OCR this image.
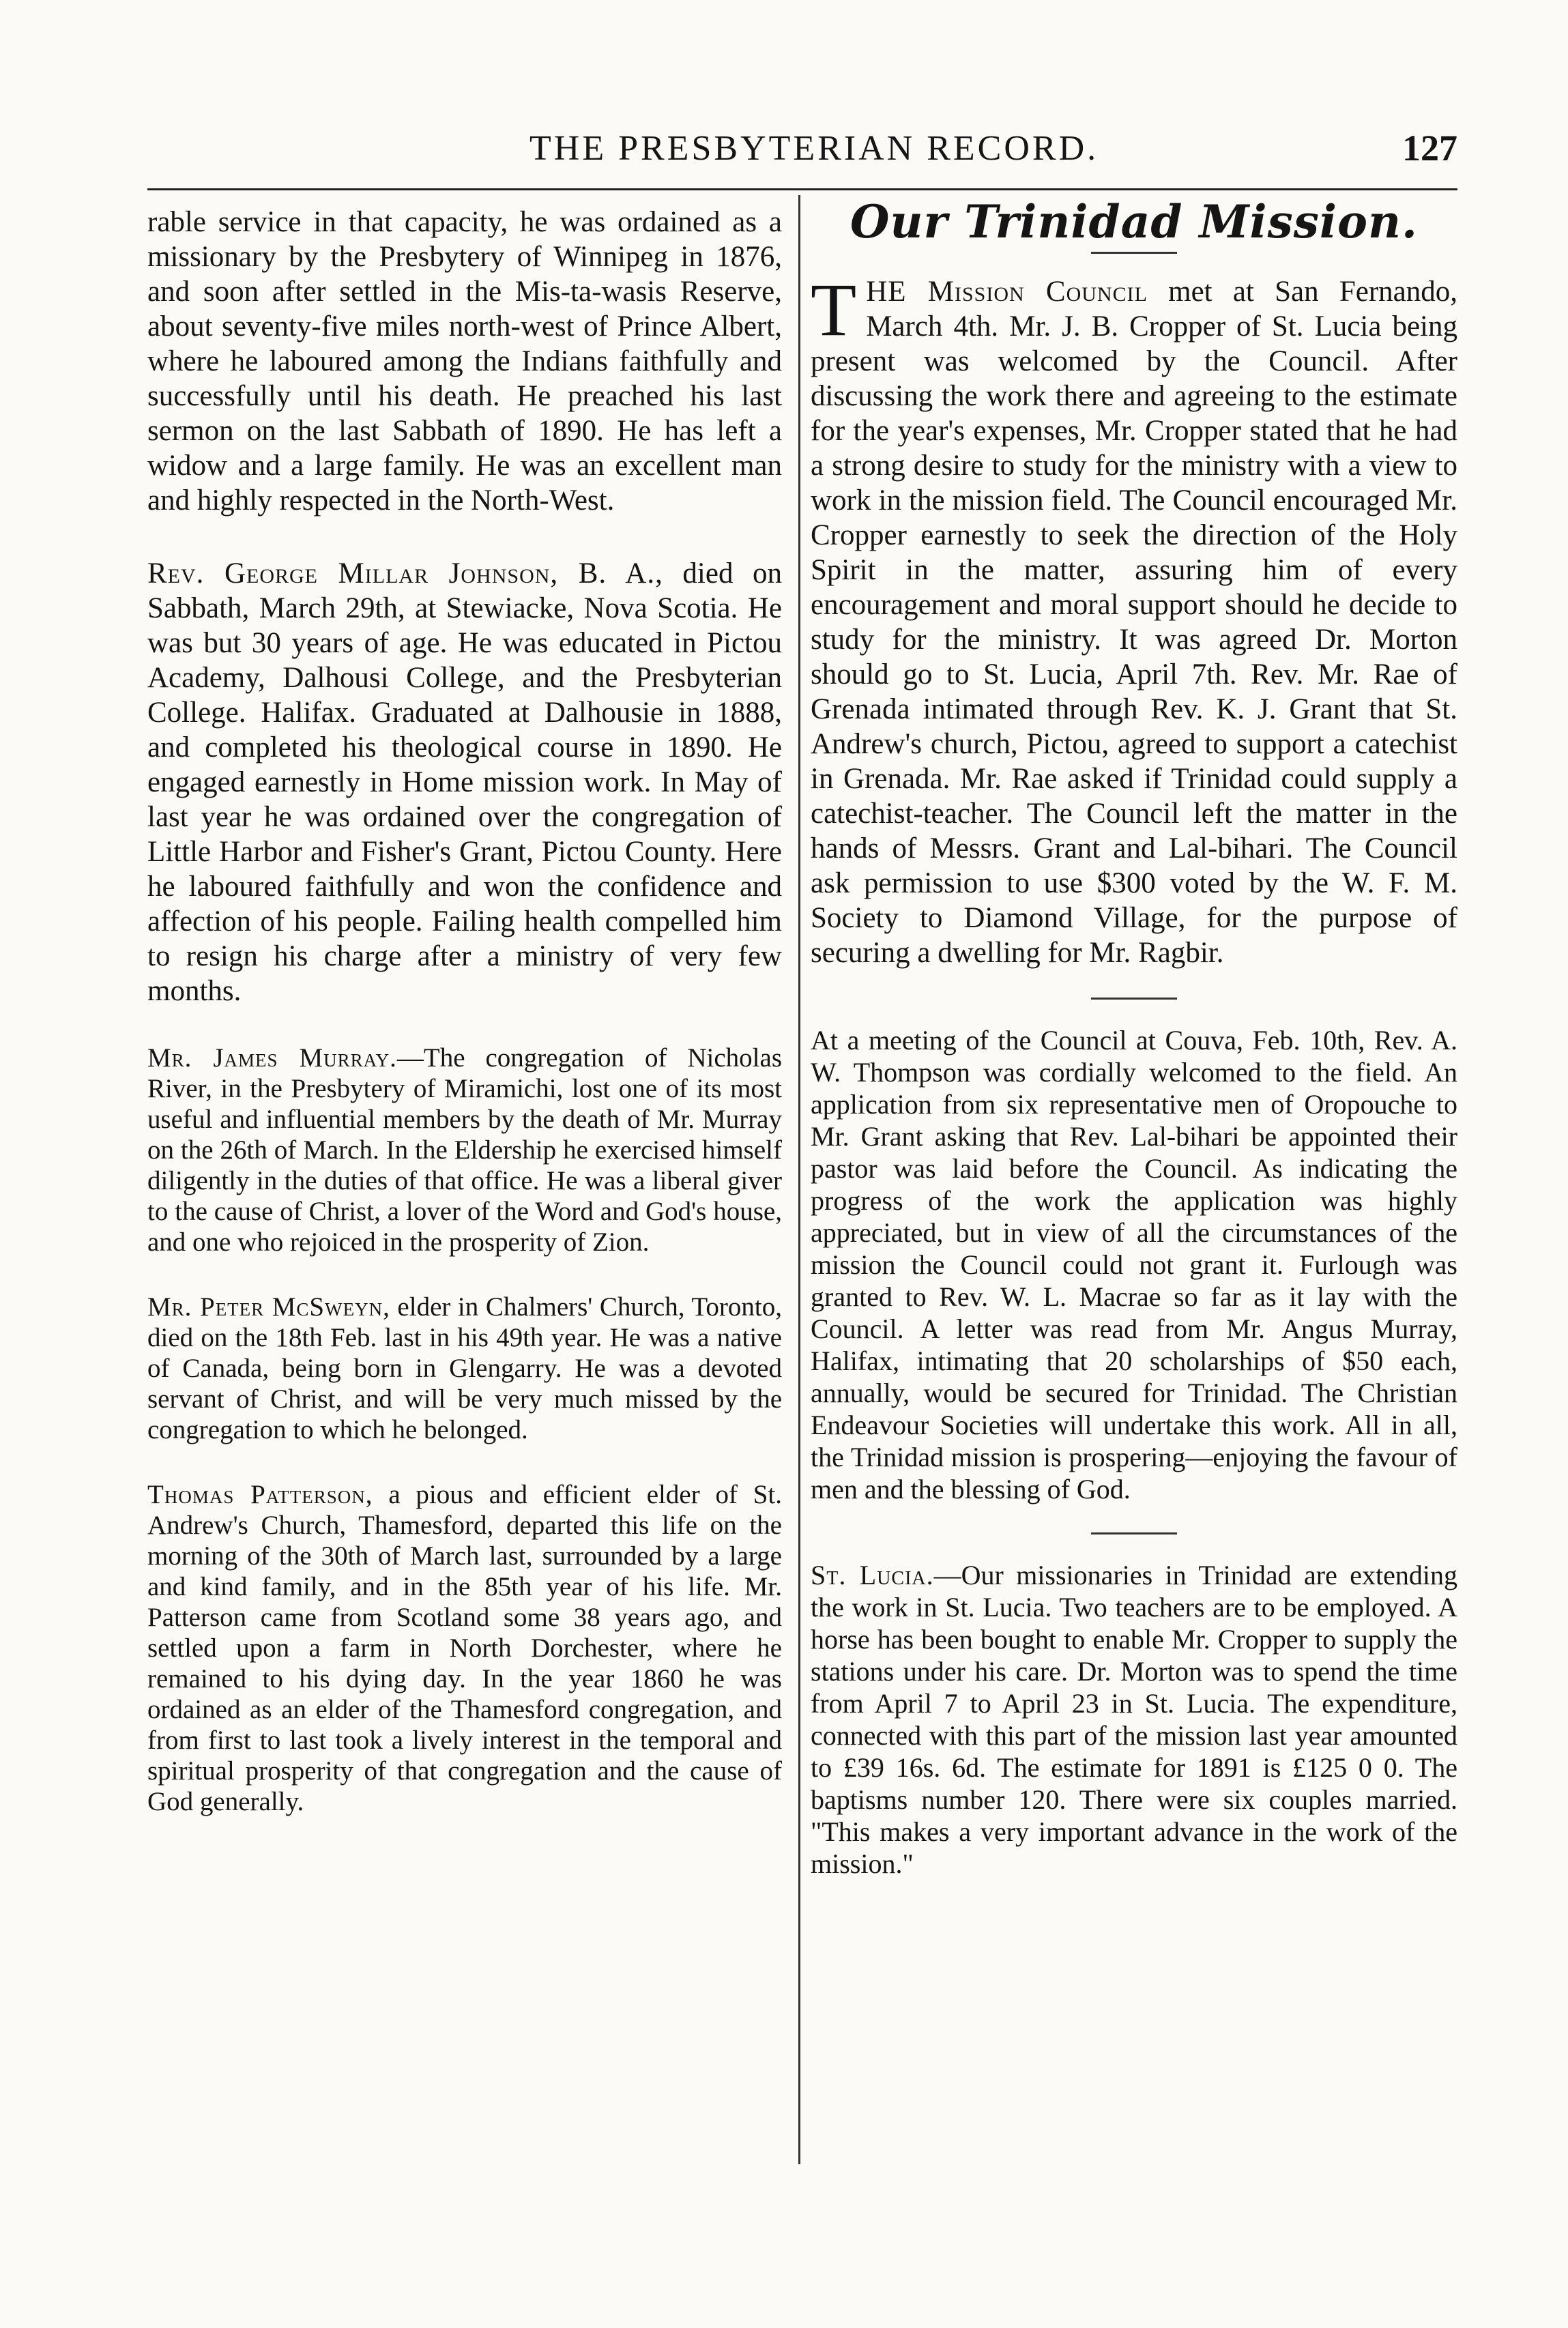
THE PRESBYTERIAN RECORD.	127

rable service in that capacity, he was ordained as a missionary by the Presbytery of Winnipeg in 1876, and soon after settled in the Mis-ta-wasis Reserve, about seventy-five miles north-west of Prince Albert, where he laboured among the Indians faithfully and successfully until his death. He preached his last sermon on the last Sabbath of 1890. He has left a widow and a large family. He was an excellent man and highly respected in the North-West.

Rev. George Millar Johnson, B. A., died on Sabbath, March 29th, at Stewiacke, Nova Scotia. He was but 30 years of age. He was educated in Pictou Academy, Dalhousi College, and the Presbyterian College. Halifax. Graduated at Dalhousie in 1888, and completed his theological course in 1890. He engaged earnestly in Home mission work. In May of last year he was ordained over the congregation of Little Harbor and Fisher's Grant, Pictou County. Here he laboured faithfully and won the confidence and affection of his people. Failing health compelled him to resign his charge after a ministry of very few months.

Mr. James Murray.—The congregation of Nicholas River, in the Presbytery of Miramichi, lost one of its most useful and influential members by the death of Mr. Murray on the 26th of March. In the Eldership he exercised himself diligently in the duties of that office. He was a liberal giver to the cause of Christ, a lover of the Word and God's house, and one who rejoiced in the prosperity of Zion.

Mr. Peter McSweyn, elder in Chalmers' Church, Toronto, died on the 18th Feb. last in his 49th year. He was a native of Canada, being born in Glengarry. He was a devoted servant of Christ, and will be very much missed by the congregation to which he belonged.

Thomas Patterson, a pious and efficient elder of St. Andrew's Church, Thamesford, departed this life on the morning of the 30th of March last, surrounded by a large and kind family, and in the 85th year of his life. Mr. Patterson came from Scotland some 38 years ago, and settled upon a farm in North Dorchester, where he remained to his dying day. In the year 1860 he was ordained as an elder of the Thamesford congregation, and from first to last took a lively interest in the temporal and spiritual prosperity of that congregation and the cause of God generally.

Our Trinidad Mission.

THE Mission Council met at San Fernando, March 4th. Mr. J. B. Cropper of St. Lucia being present was welcomed by the Council. After discussing the work there and agreeing to the estimate for the year's expenses, Mr. Cropper stated that he had a strong desire to study for the ministry with a view to work in the mission field. The Council encouraged Mr. Cropper earnestly to seek the direction of the Holy Spirit in the matter, assuring him of every encouragement and moral support should he decide to study for the ministry. It was agreed Dr. Morton should go to St. Lucia, April 7th. Rev. Mr. Rae of Grenada intimated through Rev. K. J. Grant that St. Andrew's church, Pictou, agreed to support a catechist in Grenada. Mr. Rae asked if Trinidad could supply a catechist-teacher. The Council left the matter in the hands of Messrs. Grant and Lal-bihari. The Council ask permission to use $300 voted by the W. F. M. Society to Diamond Village, for the purpose of securing a dwelling for Mr. Ragbir.

At a meeting of the Council at Couva, Feb. 10th, Rev. A. W. Thompson was cordially welcomed to the field. An application from six representative men of Oropouche to Mr. Grant asking that Rev. Lal-bihari be appointed their pastor was laid before the Council. As indicating the progress of the work the application was highly appreciated, but in view of all the circumstances of the mission the Council could not grant it. Furlough was granted to Rev. W. L. Macrae so far as it lay with the Council. A letter was read from Mr. Angus Murray, Halifax, intimating that 20 scholarships of $50 each, annually, would be secured for Trinidad. The Christian Endeavour Societies will undertake this work. All in all, the Trinidad mission is prospering—enjoying the favour of men and the blessing of God.

St. Lucia.—Our missionaries in Trinidad are extending the work in St. Lucia. Two teachers are to be employed. A horse has been bought to enable Mr. Cropper to supply the stations under his care. Dr. Morton was to spend the time from April 7 to April 23 in St. Lucia. The expenditure, connected with this part of the mission last year amounted to £39 16s. 6d. The estimate for 1891 is £125 0 0. The baptisms number 120. There were six couples married. "This makes a very important advance in the work of the mission."
